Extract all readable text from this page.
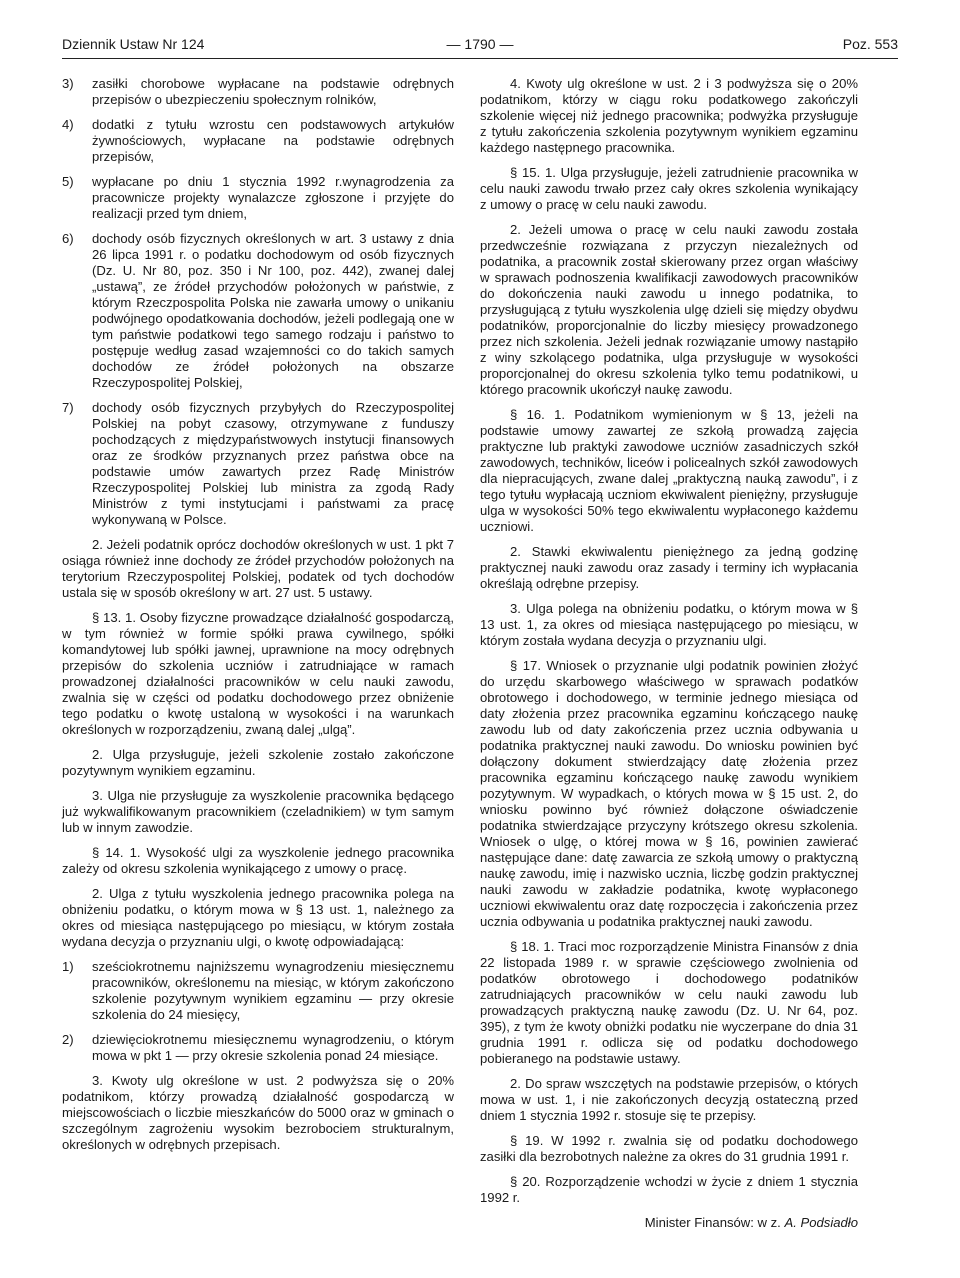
Dziennik Ustaw Nr 124	— 1790 —	Poz. 553
3) zasiłki chorobowe wypłacane na podstawie odrębnych przepisów o ubezpieczeniu społecznym rolników,
4) dodatki z tytułu wzrostu cen podstawowych artykułów żywnościowych, wypłacane na podstawie odrębnych przepisów,
5) wypłacane po dniu 1 stycznia 1992 r.wynagrodzenia za pracownicze projekty wynalazcze zgłoszone i przyjęte do realizacji przed tym dniem,
6) dochody osób fizycznych określonych w art. 3 ustawy z dnia 26 lipca 1991 r. o podatku dochodowym od osób fizycznych (Dz. U. Nr 80, poz. 350 i Nr 100, poz. 442), zwanej dalej „ustawą”, ze źródeł przychodów położonych w państwie, z którym Rzeczpospolita Polska nie zawarła umowy o unikaniu podwójnego opodatkowania dochodów, jeżeli podlegają one w tym państwie podatkowi tego samego rodzaju i państwo to postępuje według zasad wzajemności co do takich samych dochodów ze źródeł położonych na obszarze Rzeczypospolitej Polskiej,
7) dochody osób fizycznych przybyłych do Rzeczypospolitej Polskiej na pobyt czasowy, otrzymywane z funduszy pochodzących z międzypaństwowych instytucji finansowych oraz ze środków przyznanych przez państwa obce na podstawie umów zawartych przez Radę Ministrów Rzeczypospolitej Polskiej lub ministra za zgodą Rady Ministrów z tymi instytucjami i państwami za pracę wykonywaną w Polsce.

2. Jeżeli podatnik oprócz dochodów określonych w ust. 1 pkt 7 osiąga również inne dochody ze źródeł przychodów położonych na terytorium Rzeczypospolitej Polskiej, podatek od tych dochodów ustala się w sposób określony w art. 27 ust. 5 ustawy.

§ 13. 1. Osoby fizyczne prowadzące działalność gospodarczą, w tym również w formie spółki prawa cywilnego, spółki komandytowej lub spółki jawnej, uprawnione na mocy odrębnych przepisów do szkolenia uczniów i zatrudniające w ramach prowadzonej działalności pracowników w celu nauki zawodu, zwalnia się w części od podatku dochodowego przez obniżenie tego podatku o kwotę ustaloną w wysokości i na warunkach określonych w rozporządzeniu, zwaną dalej „ulgą”.

2. Ulga przysługuje, jeżeli szkolenie zostało zakończone pozytywnym wynikiem egzaminu.

3. Ulga nie przysługuje za wyszkolenie pracownika będącego już wykwalifikowanym pracownikiem (czeladnikiem) w tym samym lub w innym zawodzie.

§ 14. 1. Wysokość ulgi za wyszkolenie jednego pracownika zależy od okresu szkolenia wynikającego z umowy o pracę.

2. Ulga z tytułu wyszkolenia jednego pracownika polega na obniżeniu podatku, o którym mowa w § 13 ust. 1, należnego za okres od miesiąca następującego po miesiącu, w którym została wydana decyzja o przyznaniu ulgi, o kwotę odpowiadającą:

1) sześciokrotnemu najniższemu wynagrodzeniu miesięcznemu pracowników, określonemu na miesiąc, w którym zakończono szkolenie pozytywnym wynikiem egzaminu — przy okresie szkolenia do 24 miesięcy,
2) dziewięciokrotnemu miesięcznemu wynagrodzeniu, o którym mowa w pkt 1 — przy okresie szkolenia ponad 24 miesiące.

3. Kwoty ulg określone w ust. 2 podwyższa się o 20% podatnikom, którzy prowadzą działalność gospodarczą w miejscowościach o liczbie mieszkańców do 5000 oraz w gminach o szczególnym zagrożeniu wysokim bezrobociem strukturalnym, określonych w odrębnych przepisach.

4. Kwoty ulg określone w ust. 2 i 3 podwyższa się o 20% podatnikom, którzy w ciągu roku podatkowego zakończyli szkolenie więcej niż jednego pracownika; podwyżka przysługuje z tytułu zakończenia szkolenia pozytywnym wynikiem egzaminu każdego następnego pracownika.

§ 15. 1. Ulga przysługuje, jeżeli zatrudnienie pracownika w celu nauki zawodu trwało przez cały okres szkolenia wynikający z umowy o pracę w celu nauki zawodu.

2. Jeżeli umowa o pracę w celu nauki zawodu została przedwcześnie rozwiązana z przyczyn niezależnych od podatnika, a pracownik został skierowany przez organ właściwy w sprawach podnoszenia kwalifikacji zawodowych pracowników do dokończenia nauki zawodu u innego podatnika, to przysługującą z tytułu wyszkolenia ulgę dzieli się między obydwu podatników, proporcjonalnie do liczby miesięcy prowadzonego przez nich szkolenia. Jeżeli jednak rozwiązanie umowy nastąpiło z winy szkolącego podatnika, ulga przysługuje w wysokości proporcjonalnej do okresu szkolenia tylko temu podatnikowi, u którego pracownik ukończył naukę zawodu.

§ 16. 1. Podatnikom wymienionym w § 13, jeżeli na podstawie umowy zawartej ze szkołą prowadzą zajęcia praktyczne lub praktyki zawodowe uczniów zasadniczych szkół zawodowych, techników, liceów i policealnych szkół zawodowych dla niepracujących, zwane dalej „praktyczną nauką zawodu”, i z tego tytułu wypłacają uczniom ekwiwalent pieniężny, przysługuje ulga w wysokości 50% tego ekwiwalentu wypłaconego każdemu uczniowi.

2. Stawki ekwiwalentu pieniężnego za jedną godzinę praktycznej nauki zawodu oraz zasady i terminy ich wypłacania określają odrębne przepisy.

3. Ulga polega na obniżeniu podatku, o którym mowa w § 13 ust. 1, za okres od miesiąca następującego po miesiącu, w którym została wydana decyzja o przyznaniu ulgi.

§ 17. Wniosek o przyznanie ulgi podatnik powinien złożyć do urzędu skarbowego właściwego w sprawach podatków obrotowego i dochodowego, w terminie jednego miesiąca od daty złożenia przez pracownika egzaminu kończącego naukę zawodu lub od daty zakończenia przez ucznia odbywania u podatnika praktycznej nauki zawodu. Do wniosku powinien być dołączony dokument stwierdzający datę złożenia przez pracownika egzaminu kończącego naukę zawodu wynikiem pozytywnym. W wypadkach, o których mowa w § 15 ust. 2, do wniosku powinno być również dołączone oświadczenie podatnika stwierdzające przyczyny krótszego okresu szkolenia. Wniosek o ulgę, o której mowa w § 16, powinien zawierać następujące dane: datę zawarcia ze szkołą umowy o praktyczną naukę zawodu, imię i nazwisko ucznia, liczbę godzin praktycznej nauki zawodu w zakładzie podatnika, kwotę wypłaconego uczniowi ekwiwalentu oraz datę rozpoczęcia i zakończenia przez ucznia odbywania u podatnika praktycznej nauki zawodu.

§ 18. 1. Traci moc rozporządzenie Ministra Finansów z dnia 22 listopada 1989 r. w sprawie częściowego zwolnienia od podatków obrotowego i dochodowego podatników zatrudniających pracowników w celu nauki zawodu lub prowadzących praktyczną naukę zawodu (Dz. U. Nr 64, poz. 395), z tym że kwoty obniżki podatku nie wyczerpane do dnia 31 grudnia 1991 r. odlicza się od podatku dochodowego pobieranego na podstawie ustawy.

2. Do spraw wszczętych na podstawie przepisów, o których mowa w ust. 1, i nie zakończonych decyzją ostateczną przed dniem 1 stycznia 1992 r. stosuje się te przepisy.

§ 19. W 1992 r. zwalnia się od podatku dochodowego zasiłki dla bezrobotnych należne za okres do 31 grudnia 1991 r.

§ 20. Rozporządzenie wchodzi w życie z dniem 1 stycznia 1992 r.

Minister Finansów: w z. A. Podsiadło
